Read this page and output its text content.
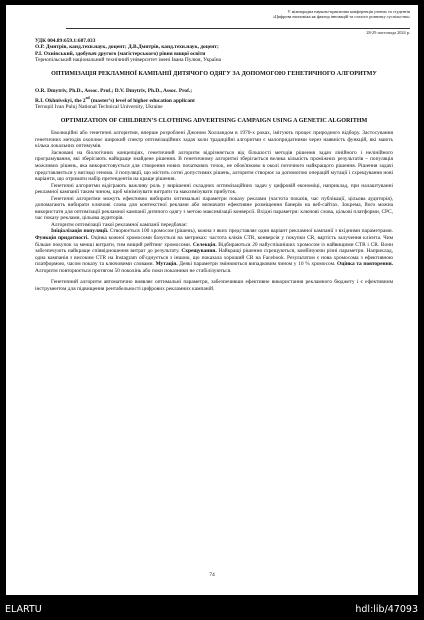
V міжнародна науково-практична конференція учених та студентів
«Цифрова економіка як фактор інновацій та сталого розвитку суспільства»
28-29 листопада 2024 р.
УДК 004.89:659.1:687.033
О.Р. Дмитрів, канд.техн.наук, доцент; Д.В.Дмитрів, канд.техн.наук, доцент;
Р.І. Охнівський, здобувач другого (магістерського) рівня вищої освіти
Тернопільський національний технічний університет імені Івана Пулюя, Україна
ОПТИМІЗАЦІЯ РЕКЛАМНОЇ КАМПАНІЇ ДИТЯЧОГО ОДЯГУ ЗА ДОПОМОГОЮ ГЕНЕТИЧНОГО АЛГОРИТМУ
O.R. Dmytriv, Ph.D., Assoc. Prof.; D.V. Dmytriv, Ph.D., Assoc. Prof.;
R.I. Okhnivskyi, the 2nd (master’s) level of higher education applicant
Ternopil Ivan Puluj National Technical University, Ukraine
OPTIMIZATION OF CHILDREN’S CLOTHING ADVERTISING CAMPAIGN USING A GENETIC ALGORITHM

Еволюційні або генетичні алгоритми, вперше розроблені Джоном Холландом в 1970-х роках, імітують процес природного відбору. Застосування генетичних методів охоплює широкий спектр оптимізаційних задач коли традиційні алгоритми є малопридатними через наявність функцій, які мають кілька локальних оптимумів.

Засновані на біологічних концепціях, генетичний алгоритм відрізняється від більшості методів рішення задач лінійного і нелінійного програмування, які зберігають найкраще знайдене рішення. В генетичному алгоритмі зберігається велика кількість проміжних результатів – популяція можливих рішень, яка використовується для створення нових початкових точок, не обов'язково в околі поточного найкращого рішення. Рішення задачі представляється у вигляді генома. З популяції, що містить сотні допустимих рішень, алгоритм створює за допомогою операцій мутації і схрещування нові варіанти, що отримати набір претендентів на краще рішення.

Генетичні алгоритми відіграють важливу роль у вирішенні складних оптимізаційних задач у цифровій економіці, наприклад, при налаштуванні рекламної кампанії таким чином, щоб мінімізувати витрати та максимізувати прибуток.

Генетичні алгоритми можуть ефективно вибирати оптимальні параметри показу реклами (частота показів, час публікації, цільова аудиторія), допомагають вибирати ключові слова для контекстної реклами або визначати ефективне розміщення банерів на веб-сайтах. Зокрема, його можна використати для оптимізації рекламної кампанії дитячого одягу з метою максимізації конверсії. Вхідні параметри: ключові слова, цільові платформи, CPC, час показу реклами, цільова аудиторія.

Алгоритм оптимізації такої рекламної кампанії передбачає:

Ініціалізація популяції. Створюється 100 хромосом (рішень), кожна з яких представляє один варіант рекламної кампанії з вхідними параметрами. Функція придатності. Оцінка кожної хромосоми базується на метриках: частота кліків CTR, конверсія у покупки CR, вартість залучення клієнта. Чим більше покупок за менші витрати, тим вищий рейтинг хромосоми. Селекція. Відбираються 20 найуспішніших хромосом із найвищими CTR і CR. Вони забезпечують найкраще співвідношення витрат до результату. Схрещування. Найкращі рішення схрещуються, комбінуючи різні параметри. Наприклад, одна кампанія з високим CTR на Instagram об'єднується з іншою, що показала хороший CR на Facebook. Результатом є нова хромосома з ефективною платформою, часом показу та ключовими словами. Мутація. Деякі параметри змінюються випадковим чином у 10 % хромосом. Оцінка та повторення. Алгоритм повторюється протягом 50 поколінь або поки показники не стабілізуються.

Генетичний алгоритм автоматично виявляє оптимальні параметри, забезпечивши ефективне використання рекламного бюджету і є ефективним інструментом для підвищення рентабельності цифрових рекламних кампаній.

74
ELARTU	hdl:lib/47093
